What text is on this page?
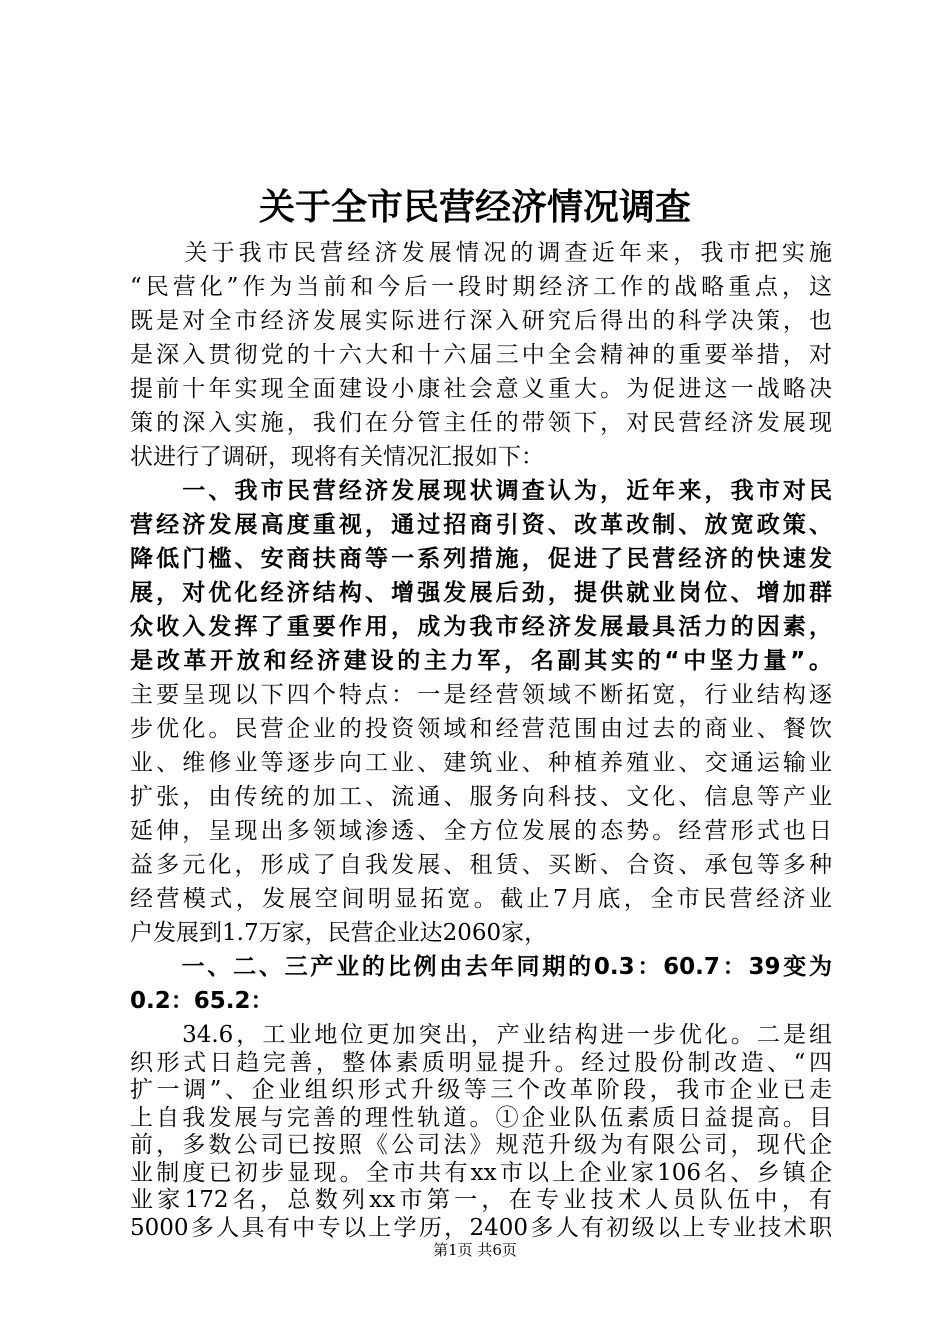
关于全市民营经济情况调查
　　关于我市民营经济发展情况的调查近年来，我市把实施
“民营化”作为当前和今后一段时期经济工作的战略重点，这
既是对全市经济发展实际进行深入研究后得出的科学决策，也
是深入贯彻党的十六大和十六届三中全会精神的重要举措，对
提前十年实现全面建设小康社会意义重大。为促进这一战略决
策的深入实施，我们在分管主任的带领下，对民营经济发展现
状进行了调研，现将有关情况汇报如下：
　　一、我市民营经济发展现状调查认为，近年来，我市对民
营经济发展高度重视，通过招商引资、改革改制、放宽政策、
降低门槛、安商扶商等一系列措施，促进了民营经济的快速发
展，对优化经济结构、增强发展后劲，提供就业岗位、增加群
众收入发挥了重要作用，成为我市经济发展最具活力的因素，
是改革开放和经济建设的主力军，名副其实的“中坚力量”。
主要呈现以下四个特点：一是经营领域不断拓宽，行业结构逐
步优化。民营企业的投资领域和经营范围由过去的商业、餐饮
业、维修业等逐步向工业、建筑业、种植养殖业、交通运输业
扩张，由传统的加工、流通、服务向科技、文化、信息等产业
延伸，呈现出多领域渗透、全方位发展的态势。经营形式也日
益多元化，形成了自我发展、租赁、买断、合资、承包等多种
经营模式，发展空间明显拓宽。截止7月底，全市民营经济业
户发展到1.7万家，民营企业达2060家，
　　一、二、三产业的比例由去年同期的0.3：60.7：39变为
0.2：65.2：
　　34.6，工业地位更加突出，产业结构进一步优化。二是组
织形式日趋完善，整体素质明显提升。经过股份制改造、“四
扩一调”、企业组织形式升级等三个改革阶段，我市企业已走
上自我发展与完善的理性轨道。①企业队伍素质日益提高。目
前，多数公司已按照《公司法》规范升级为有限公司，现代企
业制度已初步显现。全市共有xx市以上企业家106名、乡镇企
业家172名，总数列xx市第一，在专业技术人员队伍中，有
5000多人具有中专以上学历，2400多人有初级以上专业技术职
第1页 共6页
